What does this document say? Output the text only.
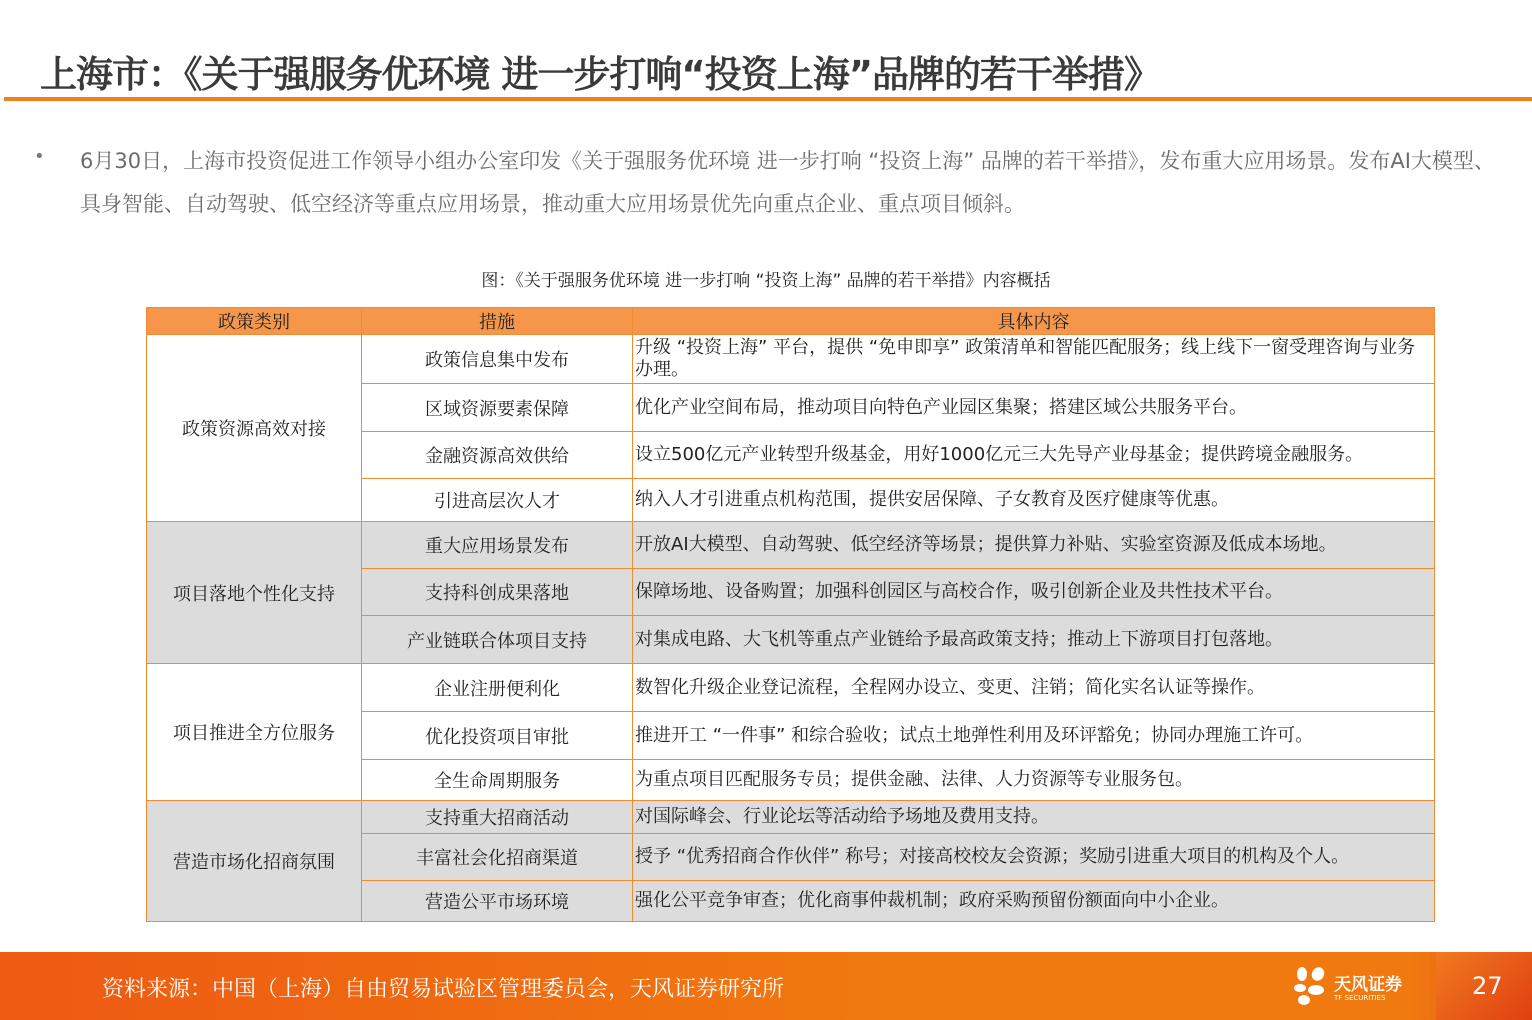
上海市：《关于强服务优环境 进一步打响“投资上海”品牌的若干举措》
• 6月30日，上海市投资促进工作领导小组办公室印发《关于强服务优环境 进一步打响 “投资上海” 品牌的若干举措》，发布重大应用场景。发布AI大模型、具身智能、自动驾驶、低空经济等重点应用场景，推动重大应用场景优先向重点企业、重点项目倾斜。
图：《关于强服务优环境 进一步打响 “投资上海” 品牌的若干举措》内容概括
政策类别	措施	具体内容
政策资源高效对接	政策信息集中发布	升级 “投资上海” 平台，提供 “免申即享” 政策清单和智能匹配服务；线上线下一窗受理咨询与业务办理。
	区域资源要素保障	优化产业空间布局，推动项目向特色产业园区集聚；搭建区域公共服务平台。
	金融资源高效供给	设立500亿元产业转型升级基金，用好1000亿元三大先导产业母基金；提供跨境金融服务。
	引进高层次人才	纳入人才引进重点机构范围，提供安居保障、子女教育及医疗健康等优惠。
项目落地个性化支持	重大应用场景发布	开放AI大模型、自动驾驶、低空经济等场景；提供算力补贴、实验室资源及低成本场地。
	支持科创成果落地	保障场地、设备购置；加强科创园区与高校合作，吸引创新企业及共性技术平台。
	产业链联合体项目支持	对集成电路、大飞机等重点产业链给予最高政策支持；推动上下游项目打包落地。
项目推进全方位服务	企业注册便利化	数智化升级企业登记流程，全程网办设立、变更、注销；简化实名认证等操作。
	优化投资项目审批	推进开工 “一件事” 和综合验收；试点土地弹性利用及环评豁免；协同办理施工许可。
	全生命周期服务	为重点项目匹配服务专员；提供金融、法律、人力资源等专业服务包。
营造市场化招商氛围	支持重大招商活动	对国际峰会、行业论坛等活动给予场地及费用支持。
	丰富社会化招商渠道	授予 “优秀招商合作伙伴” 称号；对接高校校友会资源；奖励引进重大项目的机构及个人。
	营造公平市场环境	强化公平竞争审查；优化商事仲裁机制；政府采购预留份额面向中小企业。
资料来源：中国（上海）自由贸易试验区管理委员会，天风证券研究所	天风证券
TF SECURITIES	27
